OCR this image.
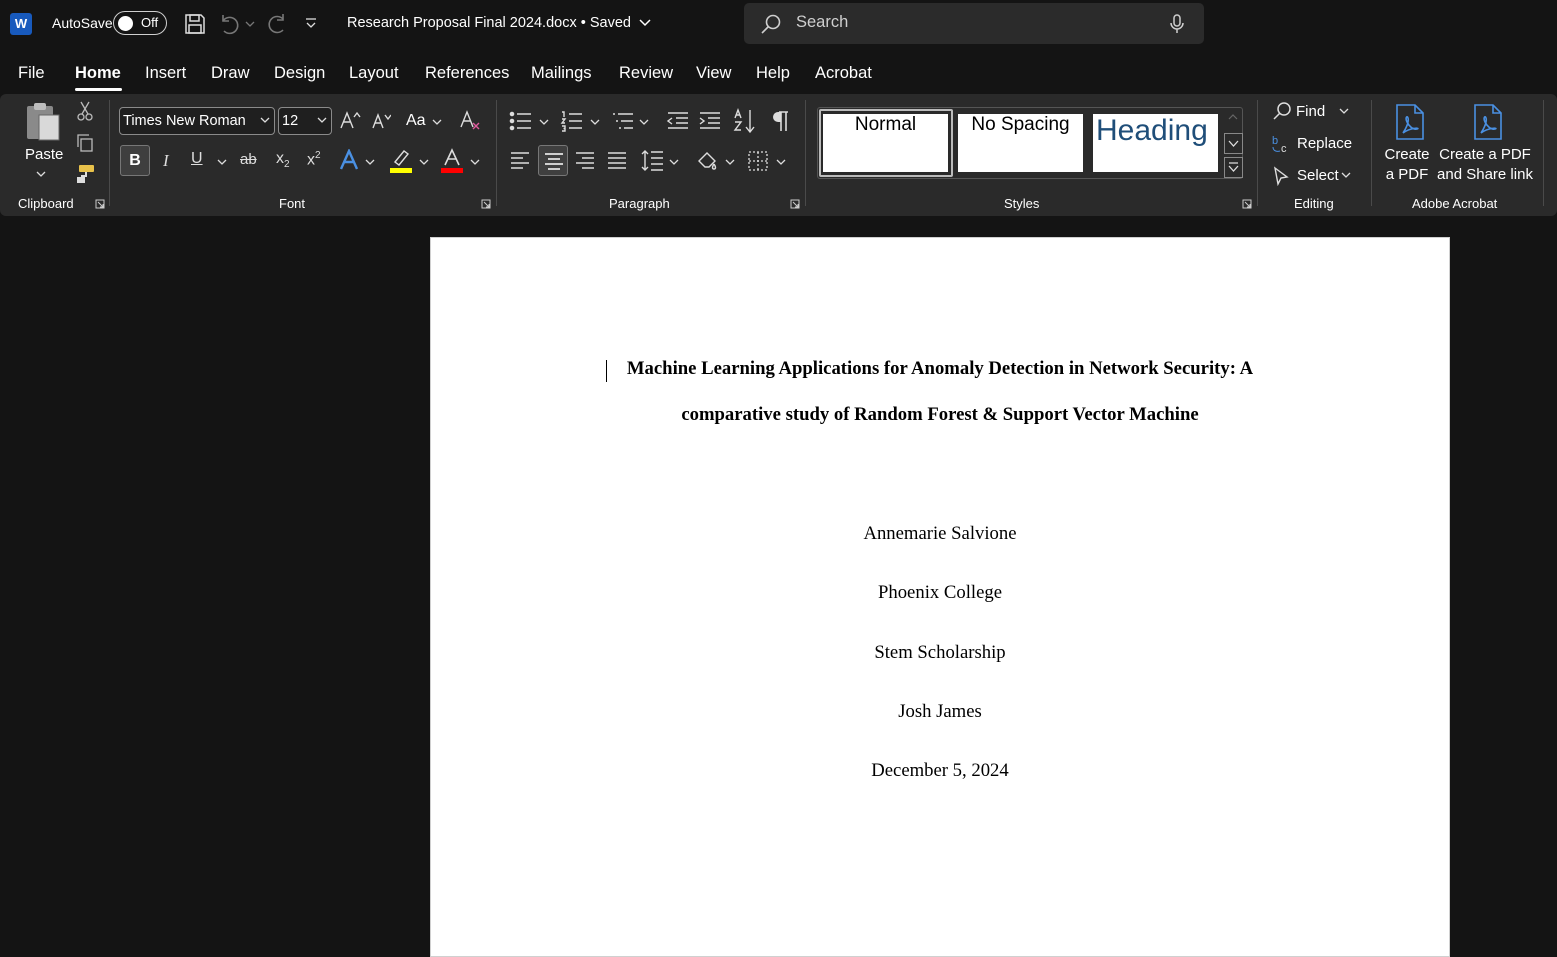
W	AutoSave Off	Research Proposal Final 2024.docx • Saved	Search
File Home Insert Draw Design Layout References Mailings Review View Help Acrobat
Paste
Clipboard
Times New Roman	12	Aa
B	I U ab $x_2$ $x^2$
Font	Paragraph
Normal	No Spacing Heading
Styles
Find
b
c Replace
Select
Editing
Create
a PDF
Create a PDF
and Share link
Adobe Acrobat
Machine Learning Applications for Anomaly Detection in Network Security: A
comparative study of Random Forest & Support Vector Machine
Annemarie Salvione
Phoenix College
Stem Scholarship
Josh James
December 5, 2024
